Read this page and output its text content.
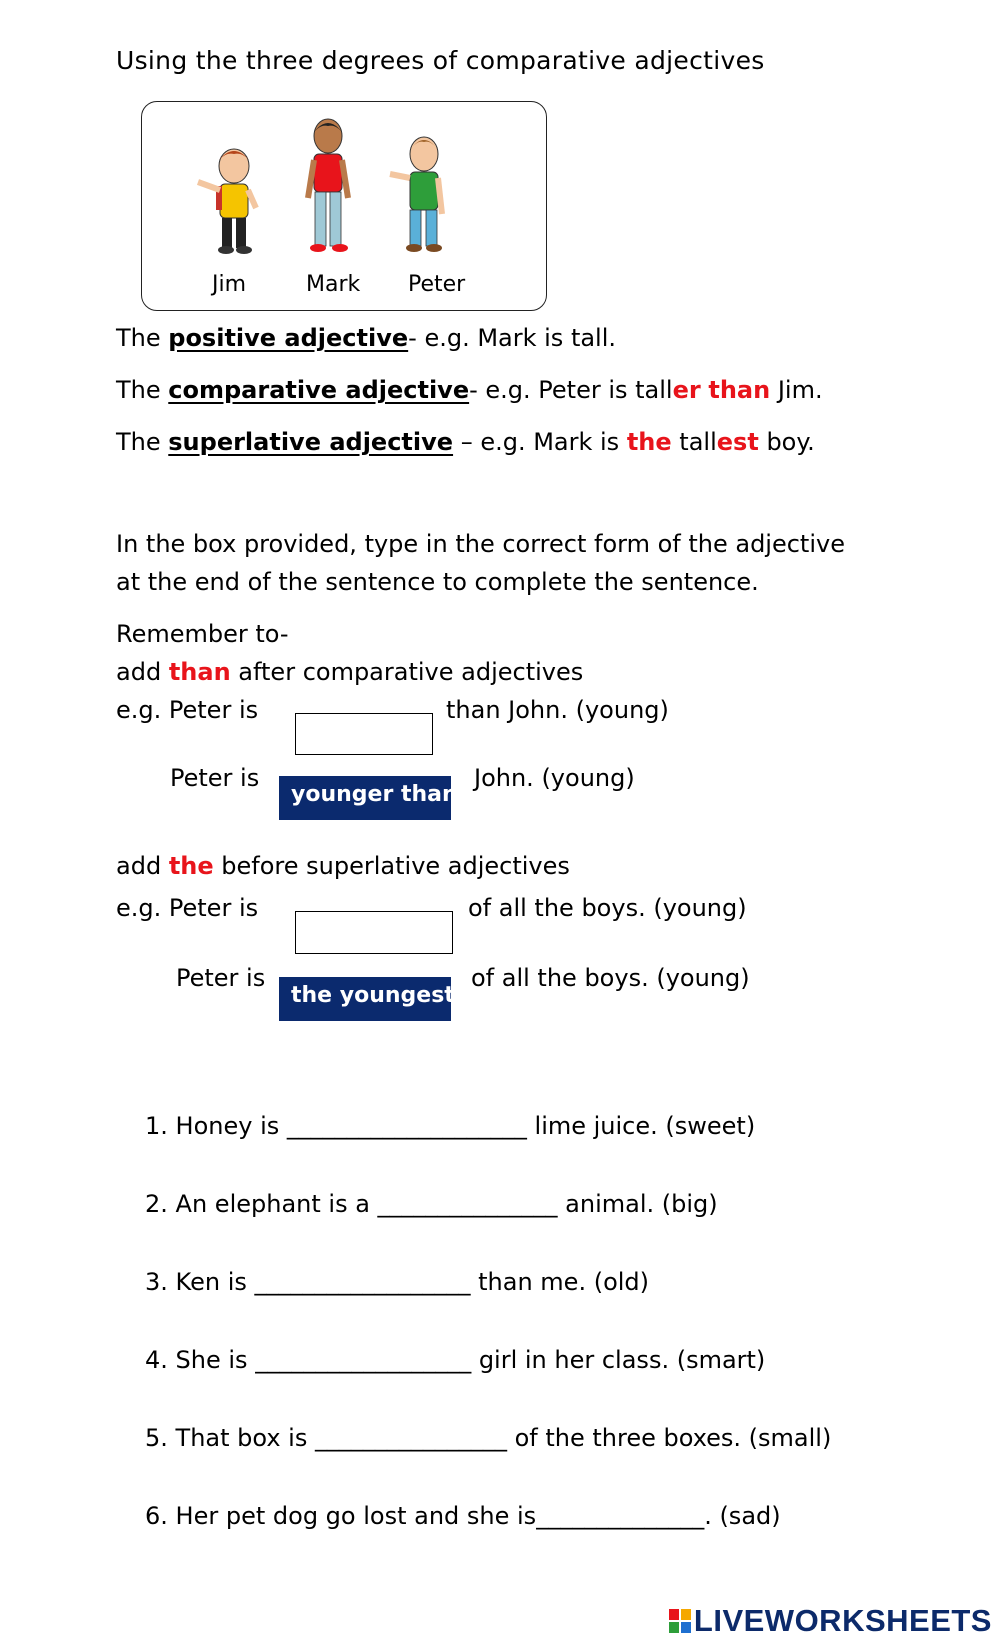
Using the three degrees of comparative adjectives
Jim	Mark Peter
The positive adjective- e.g. Mark is tall.
The comparative adjective- e.g. Peter is taller than Jim.
The superlative adjective – e.g. Mark is the tallest boy.
In the box provided, type in the correct form of the adjective
at the end of the sentence to complete the sentence.
Remember to-
add than after comparative adjectives
e.g. Peter is	than John. (young)
Peter is
younger than
John. (young)
add the before superlative adjectives
e.g. Peter is	of all the boys. (young)
Peter is
the youngest
of all the boys. (young)
1. Honey is ____________________ lime juice. (sweet)
2. An elephant is a _______________ animal. (big)
3. Ken is __________________ than me. (old)
4. She is __________________ girl in her class. (smart)
5. That box is ________________ of the three boxes. (small)
6. Her pet dog go lost and she is______________. (sad)
LIVEWORKSHEETS
